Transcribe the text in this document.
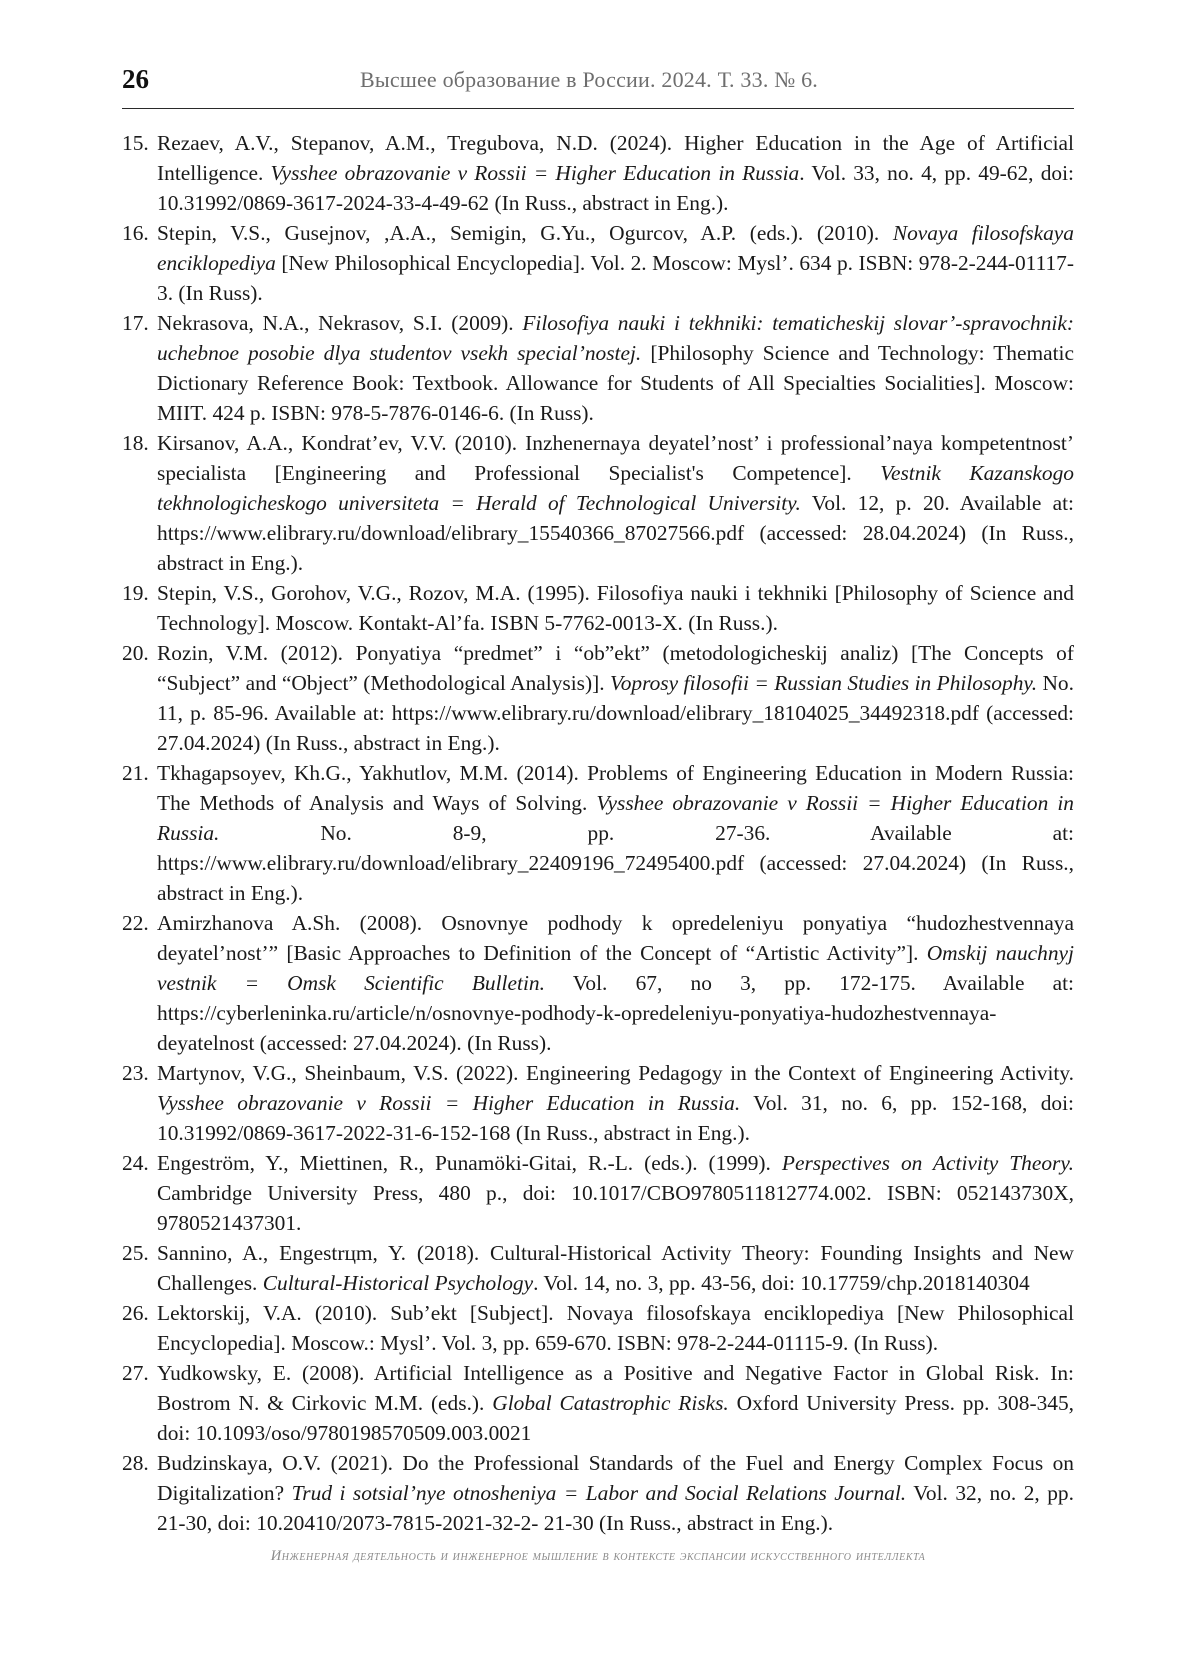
26	Высшее образование в России. 2024. Т. 33. № 6.
15. Rezaev, A.V., Stepanov, A.M., Tregubova, N.D. (2024). Higher Education in the Age of Artificial Intelligence. Vysshee obrazovanie v Rossii = Higher Education in Russia. Vol. 33, no. 4, pp. 49-62, doi: 10.31992/0869-3617-2024-33-4-49-62 (In Russ., abstract in Eng.).
16. Stepin, V.S., Gusejnov, ,A.A., Semigin, G.Yu., Ogurcov, A.P. (eds.). (2010). Novaya filosofskaya enciklopediya [New Philosophical Encyclopedia]. Vol. 2. Moscow: Mysl’. 634 p. ISBN: 978-2-244-01117-3. (In Russ).
17. Nekrasova, N.A., Nekrasov, S.I. (2009). Filosofiya nauki i tekhniki: tematicheskij slovar’-spravochnik: uchebnoe posobie dlya studentov vsekh special’nostej. [Philosophy Science and Technology: Thematic Dictionary Reference Book: Textbook. Allowance for Students of All Specialties Socialities]. Moscow: MIIT. 424 p. ISBN: 978-5-7876-0146-6. (In Russ).
18. Kirsanov, A.A., Kondrat’ev, V.V. (2010). Inzhenernaya deyatel’nost’ i professional’naya kompetentnost’ specialista [Engineering and Professional Specialist's Competence]. Vestnik Kazanskogo tekhnologicheskogo universiteta = Herald of Technological University. Vol. 12, p. 20. Available at: https://www.elibrary.ru/download/elibrary_15540366_87027566.pdf (accessed: 28.04.2024) (In Russ., abstract in Eng.).
19. Stepin, V.S., Gorohov, V.G., Rozov, M.A. (1995). Filosofiya nauki i tekhniki [Philosophy of Science and Technology]. Moscow. Kontakt-Al’fa. ISBN 5-7762-0013-X. (In Russ.).
20. Rozin, V.M. (2012). Ponyatiya “predmet” i “ob”ekt” (metodologicheskij analiz) [The Concepts of “Subject” and “Object” (Methodological Analysis)]. Voprosy filosofii = Russian Studies in Philosophy. No. 11, p. 85-96. Available at: https://www.elibrary.ru/download/elibrary_18104025_34492318.pdf (accessed: 27.04.2024) (In Russ., abstract in Eng.).
21. Tkhagapsoyev, Kh.G., Yakhutlov, M.M. (2014). Problems of Engineering Education in Modern Russia: The Methods of Analysis and Ways of Solving. Vysshee obrazovanie v Rossii = Higher Education in Russia. No. 8-9, pp. 27-36. Available at: https://www.elibrary.ru/download/elibrary_22409196_72495400.pdf (accessed: 27.04.2024) (In Russ., abstract in Eng.).
22. Amirzhanova A.Sh. (2008). Osnovnye podhody k opredeleniyu ponyatiya “hudozhestvennaya deyatel’nost’” [Basic Approaches to Definition of the Concept of “Artistic Activity”]. Omskij nauchnyj vestnik = Omsk Scientific Bulletin. Vol. 67, no 3, pp. 172-175. Available at: https://cyberleninka.ru/article/n/osnovnye-podhody-k-opredeleniyu-ponyatiya-hudozhestvennaya-deyatelnost (accessed: 27.04.2024). (In Russ).
23. Martynov, V.G., Sheinbaum, V.S. (2022). Engineering Pedagogy in the Context of Engineering Activity. Vysshee obrazovanie v Rossii = Higher Education in Russia. Vol. 31, no. 6, pp. 152-168, doi: 10.31992/0869-3617-2022-31-6-152-168 (In Russ., abstract in Eng.).
24. Engeström, Y., Miettinen, R., Punamöki-Gitai, R.-L. (eds.). (1999). Perspectives on Activity Theory. Cambridge University Press, 480 p., doi: 10.1017/CBO9780511812774.002. ISBN: 052143730X, 9780521437301.
25. Sannino, A., Engestrцm, Y. (2018). Cultural-Historical Activity Theory: Founding Insights and New Challenges. Cultural-Historical Psychology. Vol. 14, no. 3, pp. 43-56, doi: 10.17759/chp.2018140304
26. Lektorskij, V.A. (2010). Sub’ekt [Subject]. Novaya filosofskaya enciklopediya [New Philosophical Encyclopedia]. Moscow.: Mysl’. Vol. 3, pp. 659-670. ISBN: 978-2-244-01115-9. (In Russ).
27. Yudkowsky, E. (2008). Artificial Intelligence as a Positive and Negative Factor in Global Risk. In: Bostrom N. & Cirkovic M.M. (eds.). Global Catastrophic Risks. Oxford University Press. pp. 308-345, doi: 10.1093/oso/9780198570509.003.0021
28. Budzinskaya, O.V. (2021). Do the Professional Standards of the Fuel and Energy Complex Focus on Digitalization? Trud i sotsial’nye otnosheniya = Labor and Social Relations Journal. Vol. 32, no. 2, pp. 21-30, doi: 10.20410/2073-7815-2021-32-2- 21-30 (In Russ., abstract in Eng.).
Инженерная деятельность и инженерное мышление в контексте экспансии искусственного интеллекта
